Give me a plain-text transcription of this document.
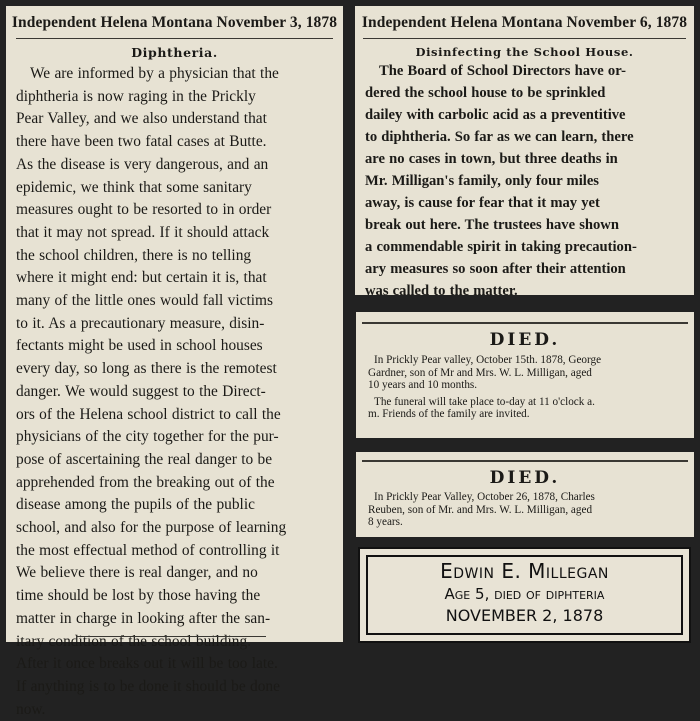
Independent Helena Montana November 3, 1878
Diphtheria.
We are informed by a physician that the
diphtheria is now raging in the Prickly
Pear Valley, and we also understand that
there have been two fatal cases at Butte.
As the disease is very dangerous, and an
epidemic, we think that some sanitary
measures ought to be resorted to in order
that it may not spread. If it should attack
the school children, there is no telling
where it might end: but certain it is, that
many of the little ones would fall victims
to it. As a precautionary measure, disin-
fectants might be used in school houses
every day, so long as there is the remotest
danger. We would suggest to the Direct-
ors of the Helena school district to call the
physicians of the city together for the pur-
pose of ascertaining the real danger to be
apprehended from the breaking out of the
disease among the pupils of the public
school, and also for the purpose of learning
the most effectual method of controlling it
We believe there is real danger, and no
time should be lost by those having the
matter in charge in looking after the san-
itary condition of the school building.
After it once breaks out it will be too late.
If anything is to be done it should be done
now.
Independent Helena Montana November 6, 1878
Disinfecting the School House.
The Board of School Directors have or-
dered the school house to be sprinkled
dailey with carbolic acid as a preventitive
to diphtheria. So far as we can learn, there
are no cases in town, but three deaths in
Mr. Milligan's family, only four miles
away, is cause for fear that it may yet
break out here. The trustees have shown
a commendable spirit in taking precaution-
ary measures so soon after their attention
was called to the matter.
DIED.
In Prickly Pear valley, October 15th. 1878, George
Gardner, son of Mr and Mrs. W. L. Milligan, aged
10 years and 10 months.
The funeral will take place to-day at 11 o'clock a.
m. Friends of the family are invited.
DIED.
In Prickly Pear Valley, October 26, 1878, Charles
Reuben, son of Mr. and Mrs. W. L. Milligan, aged
8 years.
Edwin E. Millegan
Age 5, died of diphteria
NOVEMBER 2, 1878
